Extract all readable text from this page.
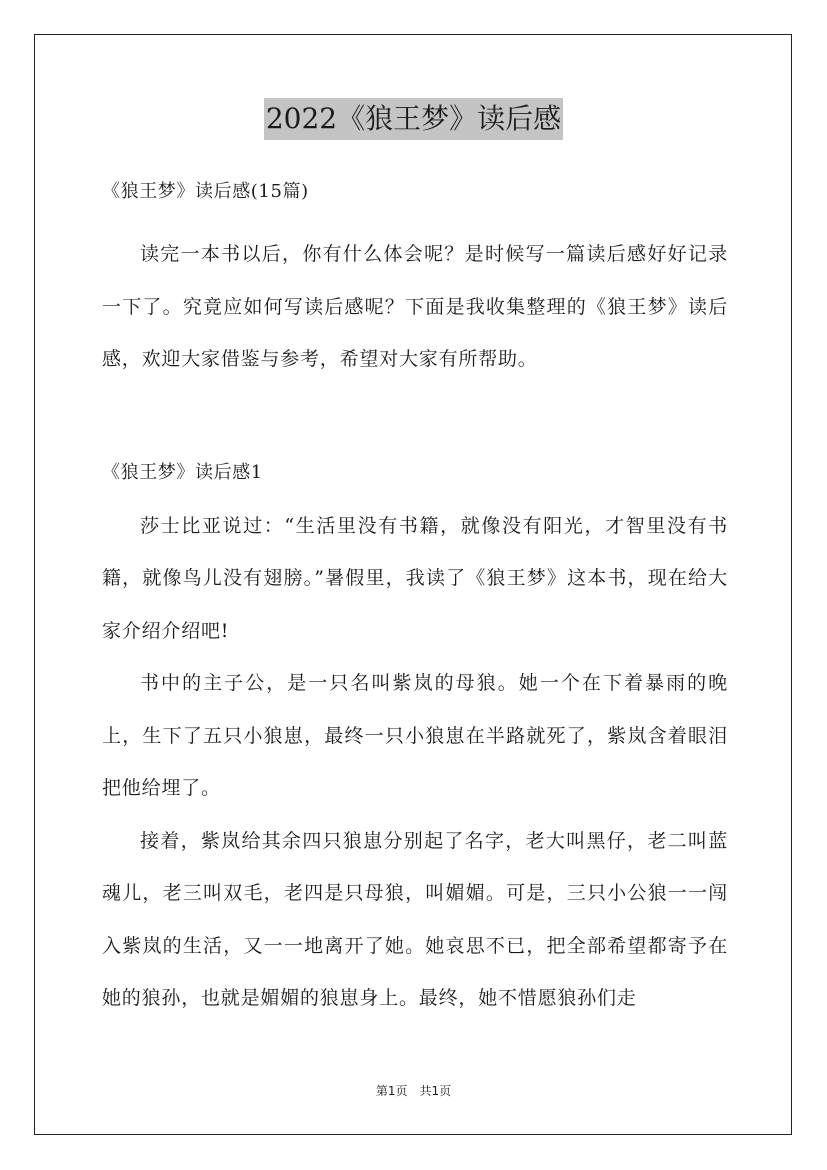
2022《狼王梦》读后感
《狼王梦》读后感(15篇)

读完一本书以后，你有什么体会呢？是时候写一篇读后感好好记录一下了。究竟应如何写读后感呢？下面是我收集整理的《狼王梦》读后感，欢迎大家借鉴与参考，希望对大家有所帮助。

《狼王梦》读后感1

莎士比亚说过：“生活里没有书籍，就像没有阳光，才智里没有书籍，就像鸟儿没有翅膀。”暑假里，我读了《狼王梦》这本书，现在给大家介绍介绍吧!

书中的主子公，是一只名叫紫岚的母狼。她一个在下着暴雨的晚上，生下了五只小狼崽，最终一只小狼崽在半路就死了，紫岚含着眼泪把他给埋了。

接着，紫岚给其余四只狼崽分别起了名字，老大叫黑仔，老二叫蓝魂儿，老三叫双毛，老四是只母狼，叫媚媚。可是，三只小公狼一一闯入紫岚的生活，又一一地离开了她。她哀思不已，把全部希望都寄予在她的狼孙，也就是媚媚的狼崽身上。最终，她不惜愿狼孙们走

第1页　共1页
